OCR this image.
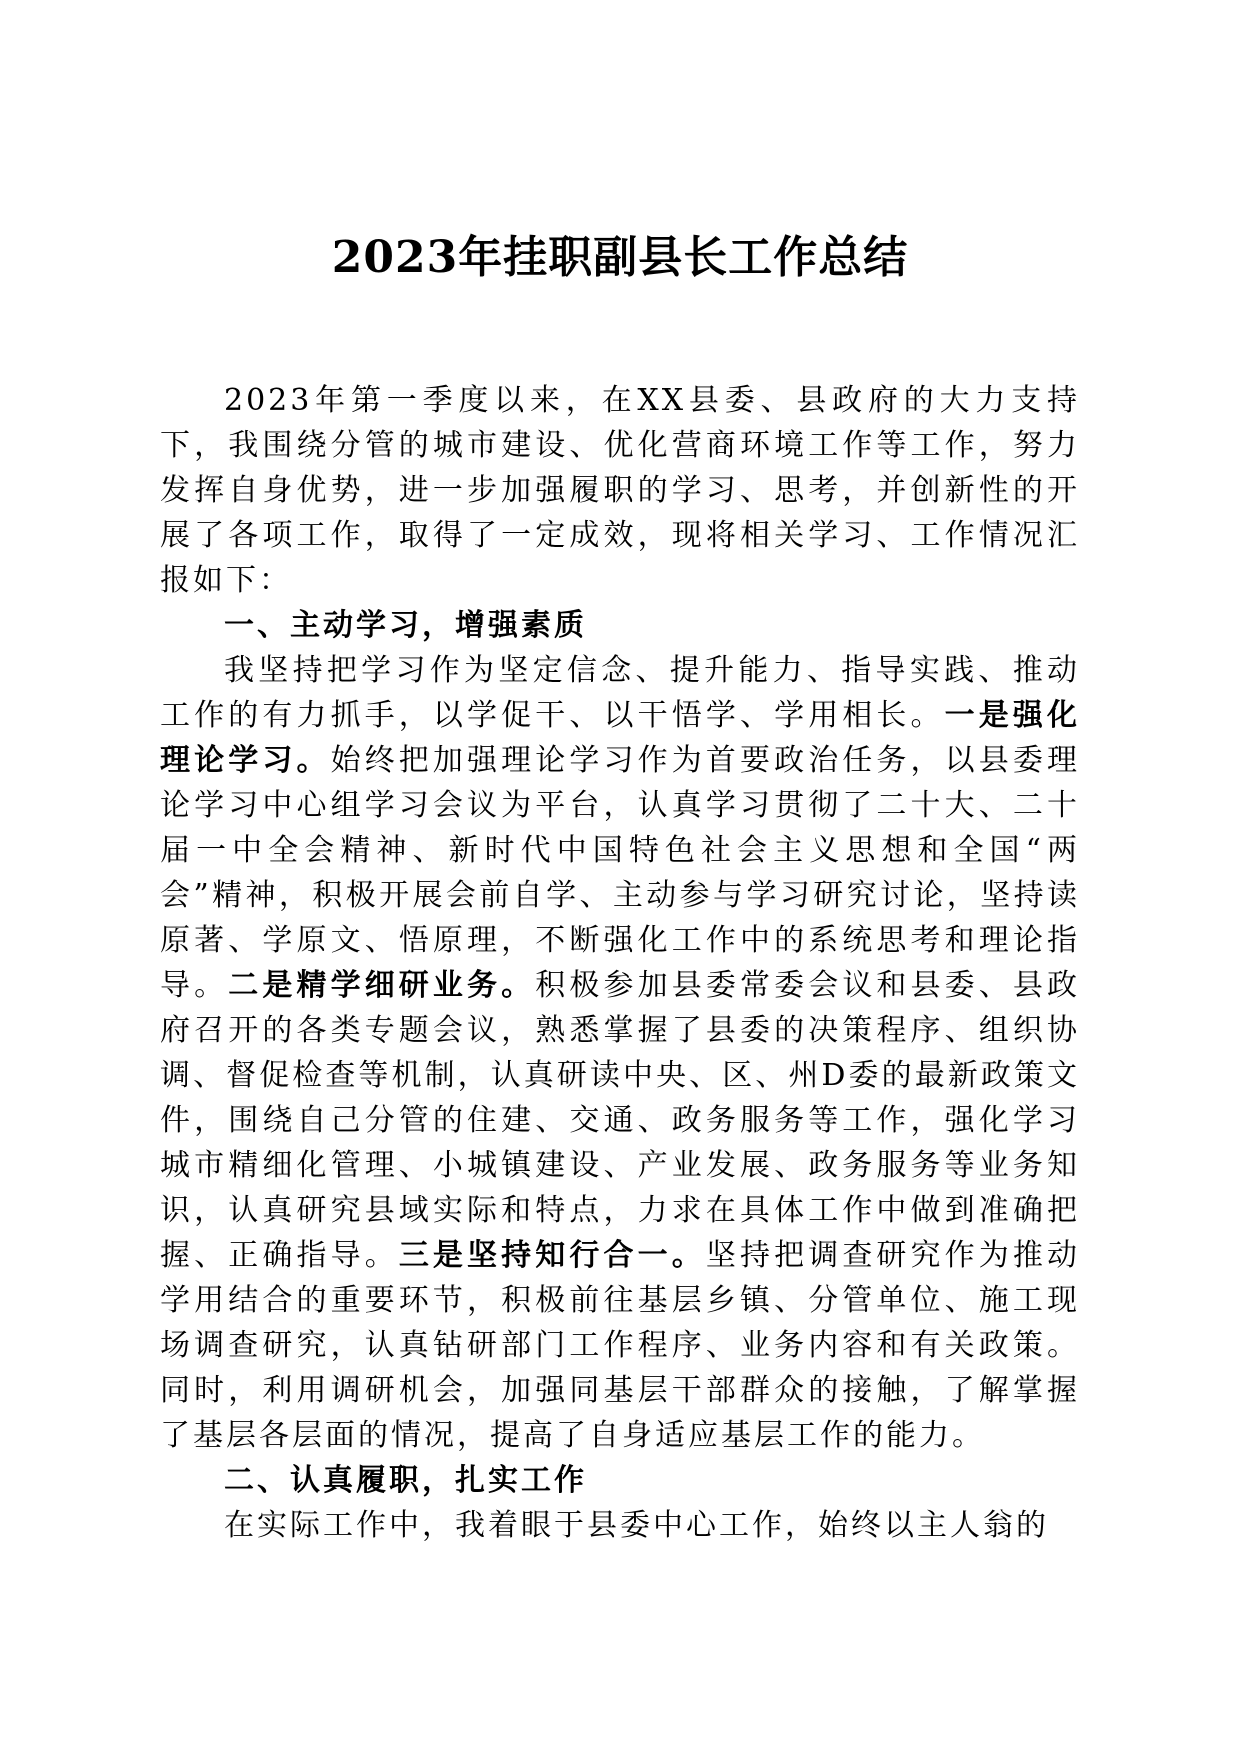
2023年挂职副县长工作总结

2023年第一季度以来，在XX县委、县政府的大力支持下，我围绕分管的城市建设、优化营商环境工作等工作，努力发挥自身优势，进一步加强履职的学习、思考，并创新性的开展了各项工作，取得了一定成效，现将相关学习、工作情况汇报如下：

一、主动学习，增强素质

我坚持把学习作为坚定信念、提升能力、指导实践、推动工作的有力抓手，以学促干、以干悟学、学用相长。一是强化理论学习。始终把加强理论学习作为首要政治任务，以县委理论学习中心组学习会议为平台，认真学习贯彻了二十大、二十届一中全会精神、新时代中国特色社会主义思想和全国“两会”精神，积极开展会前自学、主动参与学习研究讨论，坚持读原著、学原文、悟原理，不断强化工作中的系统思考和理论指导。二是精学细研业务。积极参加县委常委会议和县委、县政府召开的各类专题会议，熟悉掌握了县委的决策程序、组织协调、督促检查等机制，认真研读中央、区、州D委的最新政策文件，围绕自己分管的住建、交通、政务服务等工作，强化学习城市精细化管理、小城镇建设、产业发展、政务服务等业务知识，认真研究县域实际和特点，力求在具体工作中做到准确把握、正确指导。三是坚持知行合一。坚持把调查研究作为推动学用结合的重要环节，积极前往基层乡镇、分管单位、施工现场调查研究，认真钻研部门工作程序、业务内容和有关政策。同时，利用调研机会，加强同基层干部群众的接触，了解掌握了基层各层面的情况，提高了自身适应基层工作的能力。

二、认真履职，扎实工作

在实际工作中，我着眼于县委中心工作，始终以主人翁的
